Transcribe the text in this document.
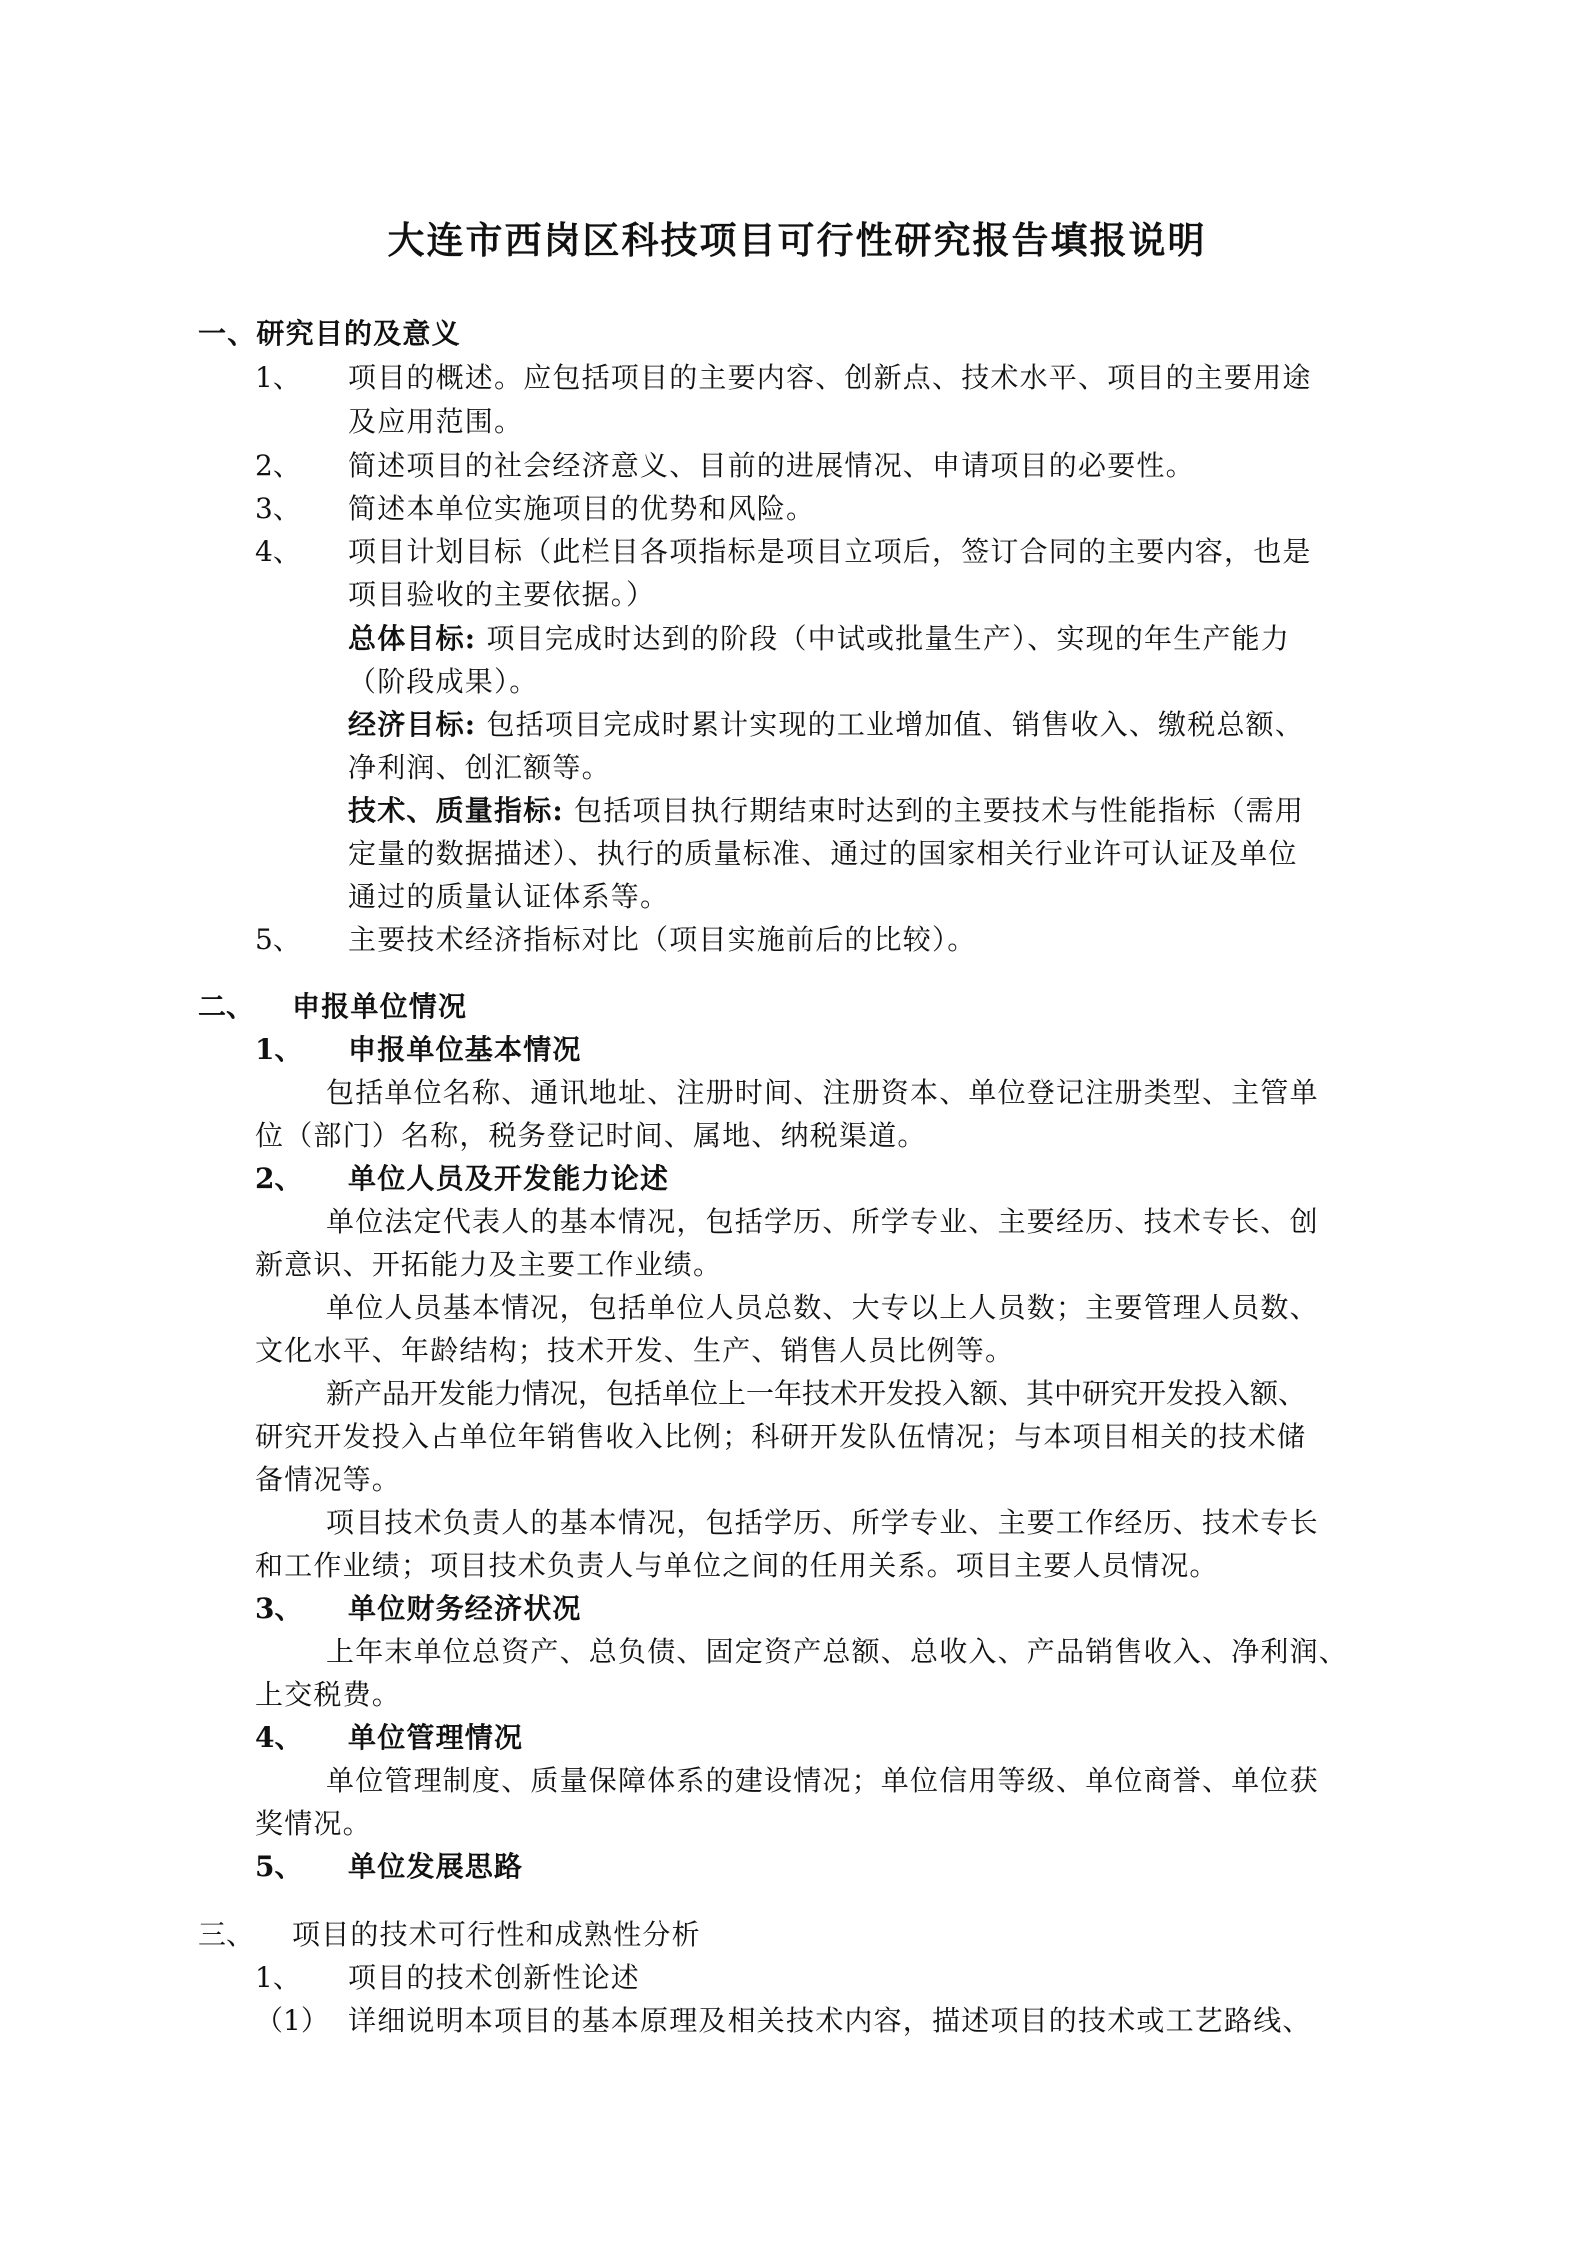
大连市西岗区科技项目可行性研究报告填报说明
一、研究目的及意义
1、 项目的概述。应包括项目的主要内容、创新点、技术水平、项目的主要用途
及应用范围。
2、 简述项目的社会经济意义、目前的进展情况、申请项目的必要性。
3、 简述本单位实施项目的优势和风险。
4、 项目计划目标（此栏目各项指标是项目立项后，签订合同的主要内容，也是
项目验收的主要依据。）
总体目标: 项目完成时达到的阶段（中试或批量生产）、实现的年生产能力
（阶段成果）。
经济目标: 包括项目完成时累计实现的工业增加值、销售收入、缴税总额、
净利润、创汇额等。
技术、质量指标: 包括项目执行期结束时达到的主要技术与性能指标（需用
定量的数据描述）、执行的质量标准、通过的国家相关行业许可认证及单位
通过的质量认证体系等。
5、 主要技术经济指标对比（项目实施前后的比较）。
二、 申报单位情况
1、 申报单位基本情况
包括单位名称、通讯地址、注册时间、注册资本、单位登记注册类型、主管单
位（部门）名称，税务登记时间、属地、纳税渠道。
2、 单位人员及开发能力论述
单位法定代表人的基本情况，包括学历、所学专业、主要经历、技术专长、创
新意识、开拓能力及主要工作业绩。
单位人员基本情况，包括单位人员总数、大专以上人员数；主要管理人员数、
文化水平、年龄结构；技术开发、生产、销售人员比例等。
新产品开发能力情况，包括单位上一年技术开发投入额、其中研究开发投入额、
研究开发投入占单位年销售收入比例；科研开发队伍情况；与本项目相关的技术储
备情况等。
项目技术负责人的基本情况，包括学历、所学专业、主要工作经历、技术专长
和工作业绩；项目技术负责人与单位之间的任用关系。项目主要人员情况。
3、 单位财务经济状况
上年末单位总资产、总负债、固定资产总额、总收入、产品销售收入、净利润、
上交税费。
4、 单位管理情况
单位管理制度、质量保障体系的建设情况；单位信用等级、单位商誉、单位获
奖情况。
5、 单位发展思路
三、 项目的技术可行性和成熟性分析
1、 项目的技术创新性论述
（1） 详细说明本项目的基本原理及相关技术内容，描述项目的技术或工艺路线、
